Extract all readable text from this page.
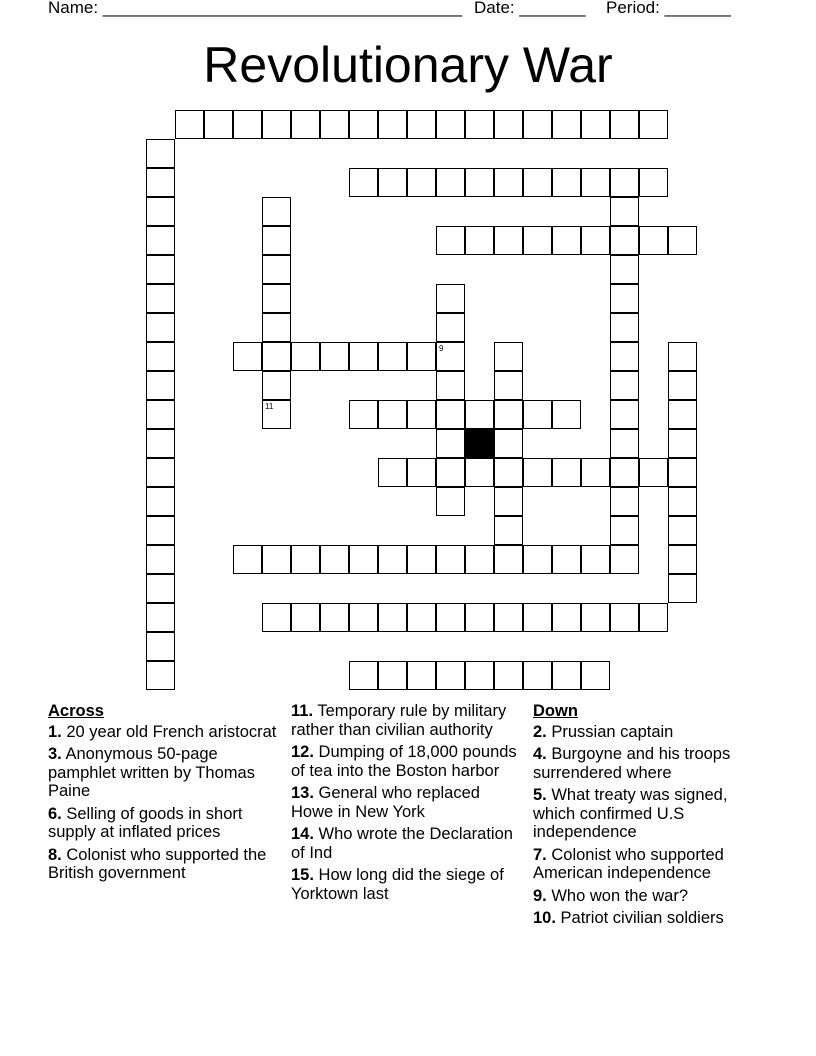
Name: ______________________________________ Date: _______ Period: _______
Revolutionary War
9
11
Across
1. 20 year old French aristocrat
3. Anonymous 50-page pamphlet written by Thomas Paine
6. Selling of goods in short supply at inflated prices
8. Colonist who supported the British government
11. Temporary rule by military rather than civilian authority
12. Dumping of 18,000 pounds of tea into the Boston harbor
13. General who replaced Howe in New York
14. Who wrote the Declaration of Ind
15. How long did the siege of Yorktown last
Down
2. Prussian captain
4. Burgoyne and his troops surrendered where
5. What treaty was signed, which confirmed U.S independence
7. Colonist who supported American independence
9. Who won the war?
10. Patriot civilian soldiers
